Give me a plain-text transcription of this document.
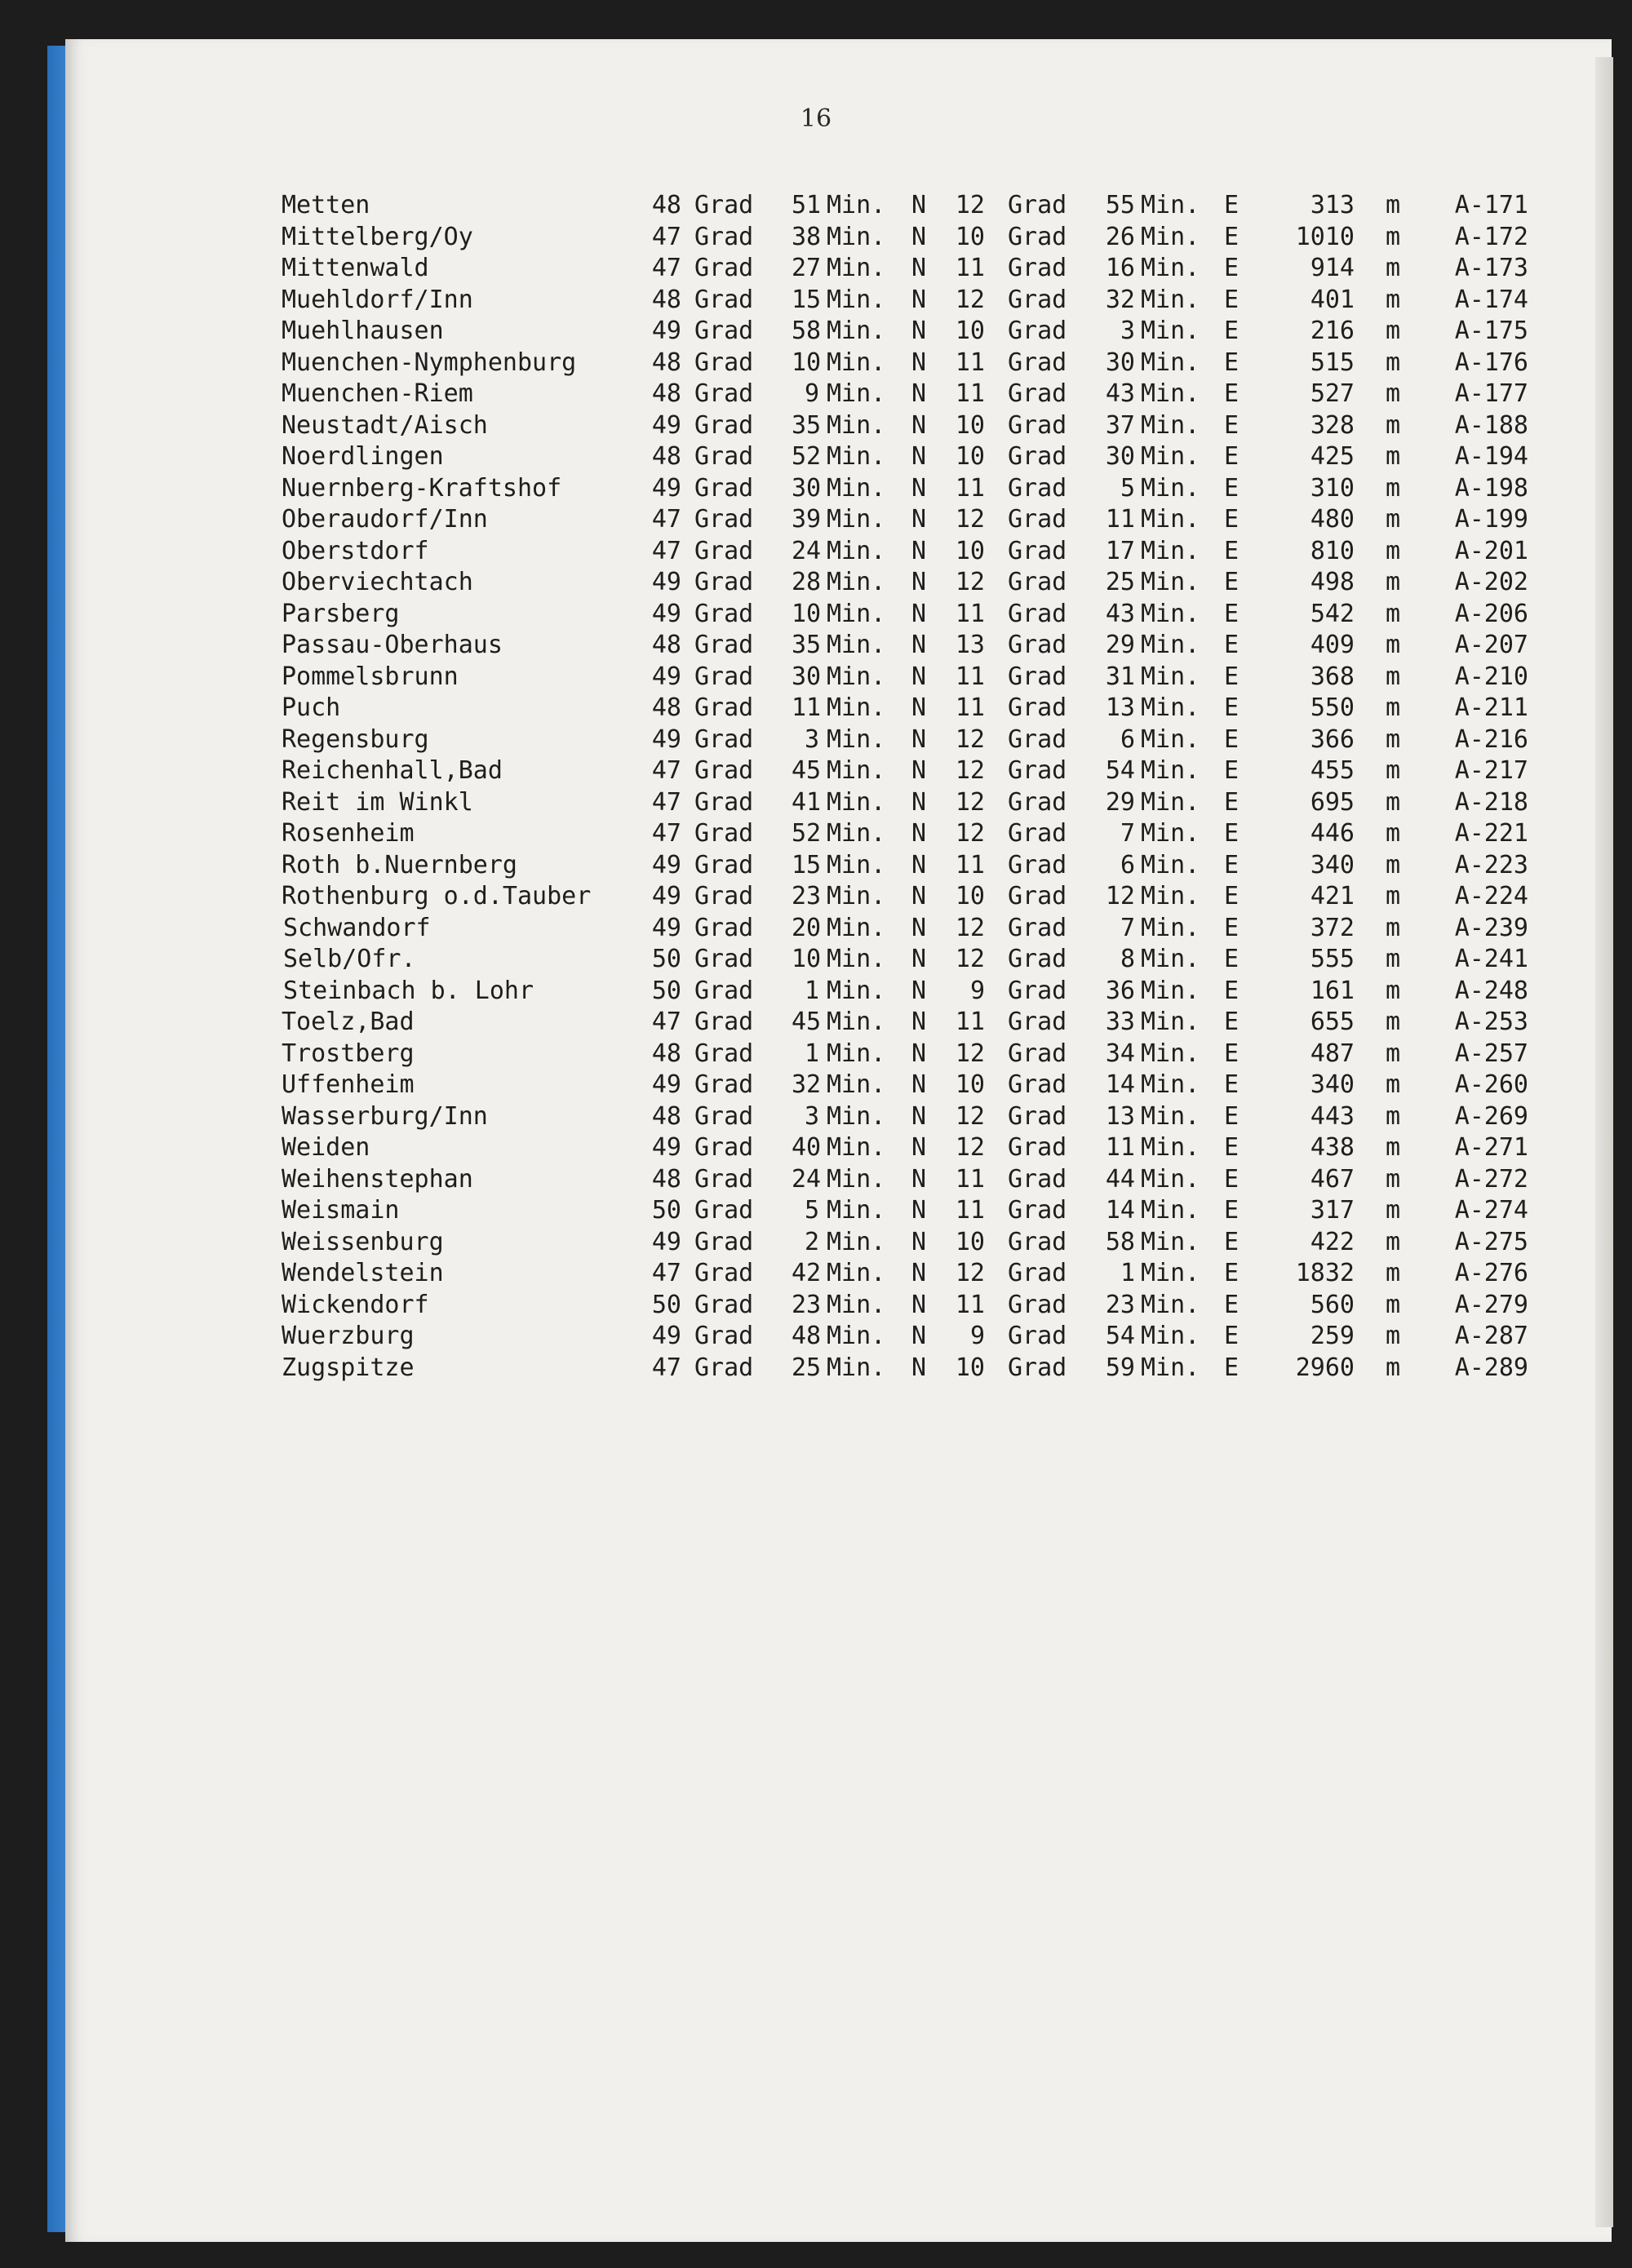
16
Metten	48 Grad 51 Min. N	12 Grad 55 Min. E	313 m	A-171
Mittelberg/Oy	47 Grad 38 Min. N	10 Grad 26 Min. E	1010 m	A-172
Mittenwald	47 Grad 27 Min. N	11 Grad 16 Min. E	914 m	A-173
Muehldorf/Inn	48 Grad 15 Min. N	12 Grad 32 Min. E	401 m	A-174
Muehlhausen	49 Grad 58 Min. N	10 Grad	3 Min. E	216 m	A-175
Muenchen-Nymphenburg	48 Grad 10 Min. N	11 Grad 30 Min. E	515 m	A-176
Muenchen-Riem	48 Grad	9 Min. N	11 Grad 43 Min. E	527 m	A-177
Neustadt/Aisch	49 Grad 35 Min. N	10 Grad 37 Min. E	328 m	A-188
Noerdlingen	48 Grad 52 Min. N	10 Grad 30 Min. E	425 m	A-194
Nuernberg-Kraftshof	49 Grad 30 Min. N	11 Grad	5 Min. E	310 m	A-198
Oberaudorf/Inn	47 Grad 39 Min. N	12 Grad 11 Min. E	480 m	A-199
Oberstdorf	47 Grad 24 Min. N	10 Grad 17 Min. E	810 m	A-201
Oberviechtach	49 Grad 28 Min. N	12 Grad 25 Min. E	498 m	A-202
Parsberg	49 Grad 10 Min. N	11 Grad 43 Min. E	542 m	A-206
Passau-Oberhaus	48 Grad 35 Min. N	13 Grad 29 Min. E	409 m	A-207
Pommelsbrunn	49 Grad 30 Min. N	11 Grad 31 Min. E	368 m	A-210
Puch	48 Grad 11 Min. N	11 Grad 13 Min. E	550 m	A-211
Regensburg	49 Grad	3 Min. N	12 Grad	6 Min. E	366 m	A-216
Reichenhall,Bad	47 Grad 45 Min. N	12 Grad 54 Min. E	455 m	A-217
Reit im Winkl	47 Grad 41 Min. N	12 Grad 29 Min. E	695 m	A-218
Rosenheim	47 Grad 52 Min. N	12 Grad	7 Min. E	446 m	A-221
Roth b.Nuernberg	49 Grad 15 Min. N	11 Grad	6 Min. E	340 m	A-223
Rothenburg o.d.Tauber	49 Grad 23 Min. N	10 Grad 12 Min. E	421 m	A-224
Schwandorf	49 Grad 20 Min. N	12 Grad	7 Min. E	372 m	A-239
Selb/Ofr.	50 Grad 10 Min. N	12 Grad	8 Min. E	555 m	A-241
Steinbach b. Lohr	50 Grad	1 Min. N	9 Grad 36 Min. E	161 m	A-248
Toelz,Bad	47 Grad 45 Min. N	11 Grad 33 Min. E	655 m	A-253
Trostberg	48 Grad	1 Min. N	12 Grad 34 Min. E	487 m	A-257
Uffenheim	49 Grad 32 Min. N	10 Grad 14 Min. E	340 m	A-260
Wasserburg/Inn	48 Grad	3 Min. N	12 Grad 13 Min. E	443 m	A-269
Weiden	49 Grad 40 Min. N	12 Grad 11 Min. E	438 m	A-271
Weihenstephan	48 Grad 24 Min. N	11 Grad 44 Min. E	467 m	A-272
Weismain	50 Grad	5 Min. N	11 Grad 14 Min. E	317 m	A-274
Weissenburg	49 Grad	2 Min. N	10 Grad 58 Min. E	422 m	A-275
Wendelstein	47 Grad 42 Min. N	12 Grad	1 Min. E	1832 m	A-276
Wickendorf	50 Grad 23 Min. N	11 Grad 23 Min. E	560 m	A-279
Wuerzburg	49 Grad 48 Min. N	9 Grad 54 Min. E	259 m	A-287
Zugspitze	47 Grad 25 Min. N	10 Grad 59 Min. E	2960 m	A-289
